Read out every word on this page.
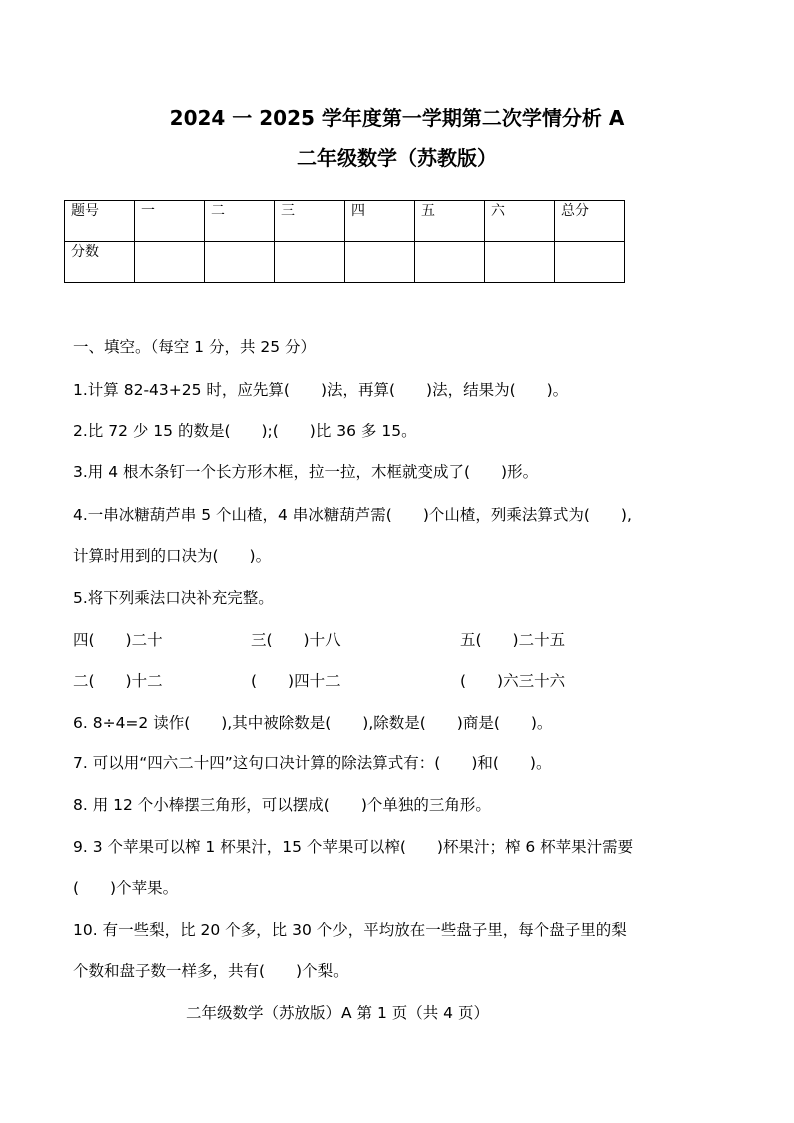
2024 一 2025 学年度第一学期第二次学情分析 A
二年级数学（苏教版）
题号	一	二	三	四	五	六	总分
分数							
一、填空。（每空 1 分，共 25 分）
1.计算 82-43+25 时，应先算(　　)法，再算(　　)法，结果为(　　)。
2.比 72 少 15 的数是(　　);(　　)比 36 多 15。
3.用 4 根木条钉一个长方形木框，拉一拉，木框就变成了(　　)形。
4.一串冰糖葫芦串 5 个山楂，4 串冰糖葫芦需(　　)个山楂，列乘法算式为(　　),
计算时用到的口决为(　　)。
5.将下列乘法口决补充完整。
四(　　)二十	三(　　)十八	五(　　)二十五
二(　　)十二	(　　)四十二	(　　)六三十六
6. 8÷4=2 读作(　　),其中被除数是(　　),除数是(　　)商是(　　)。
7. 可以用“四六二十四”这句口决计算的除法算式有：(　　)和(　　)。
8. 用 12 个小棒摆三角形，可以摆成(　　)个单独的三角形。
9. 3 个苹果可以榨 1 杯果汁，15 个苹果可以榨(　　)杯果汁；榨 6 杯苹果汁需要
(　　)个苹果。
10. 有一些梨，比 20 个多，比 30 个少，平均放在一些盘子里，每个盘子里的梨
个数和盘子数一样多，共有(　　)个梨。
二年级数学（苏放版）A 第 1 页（共 4 页）
